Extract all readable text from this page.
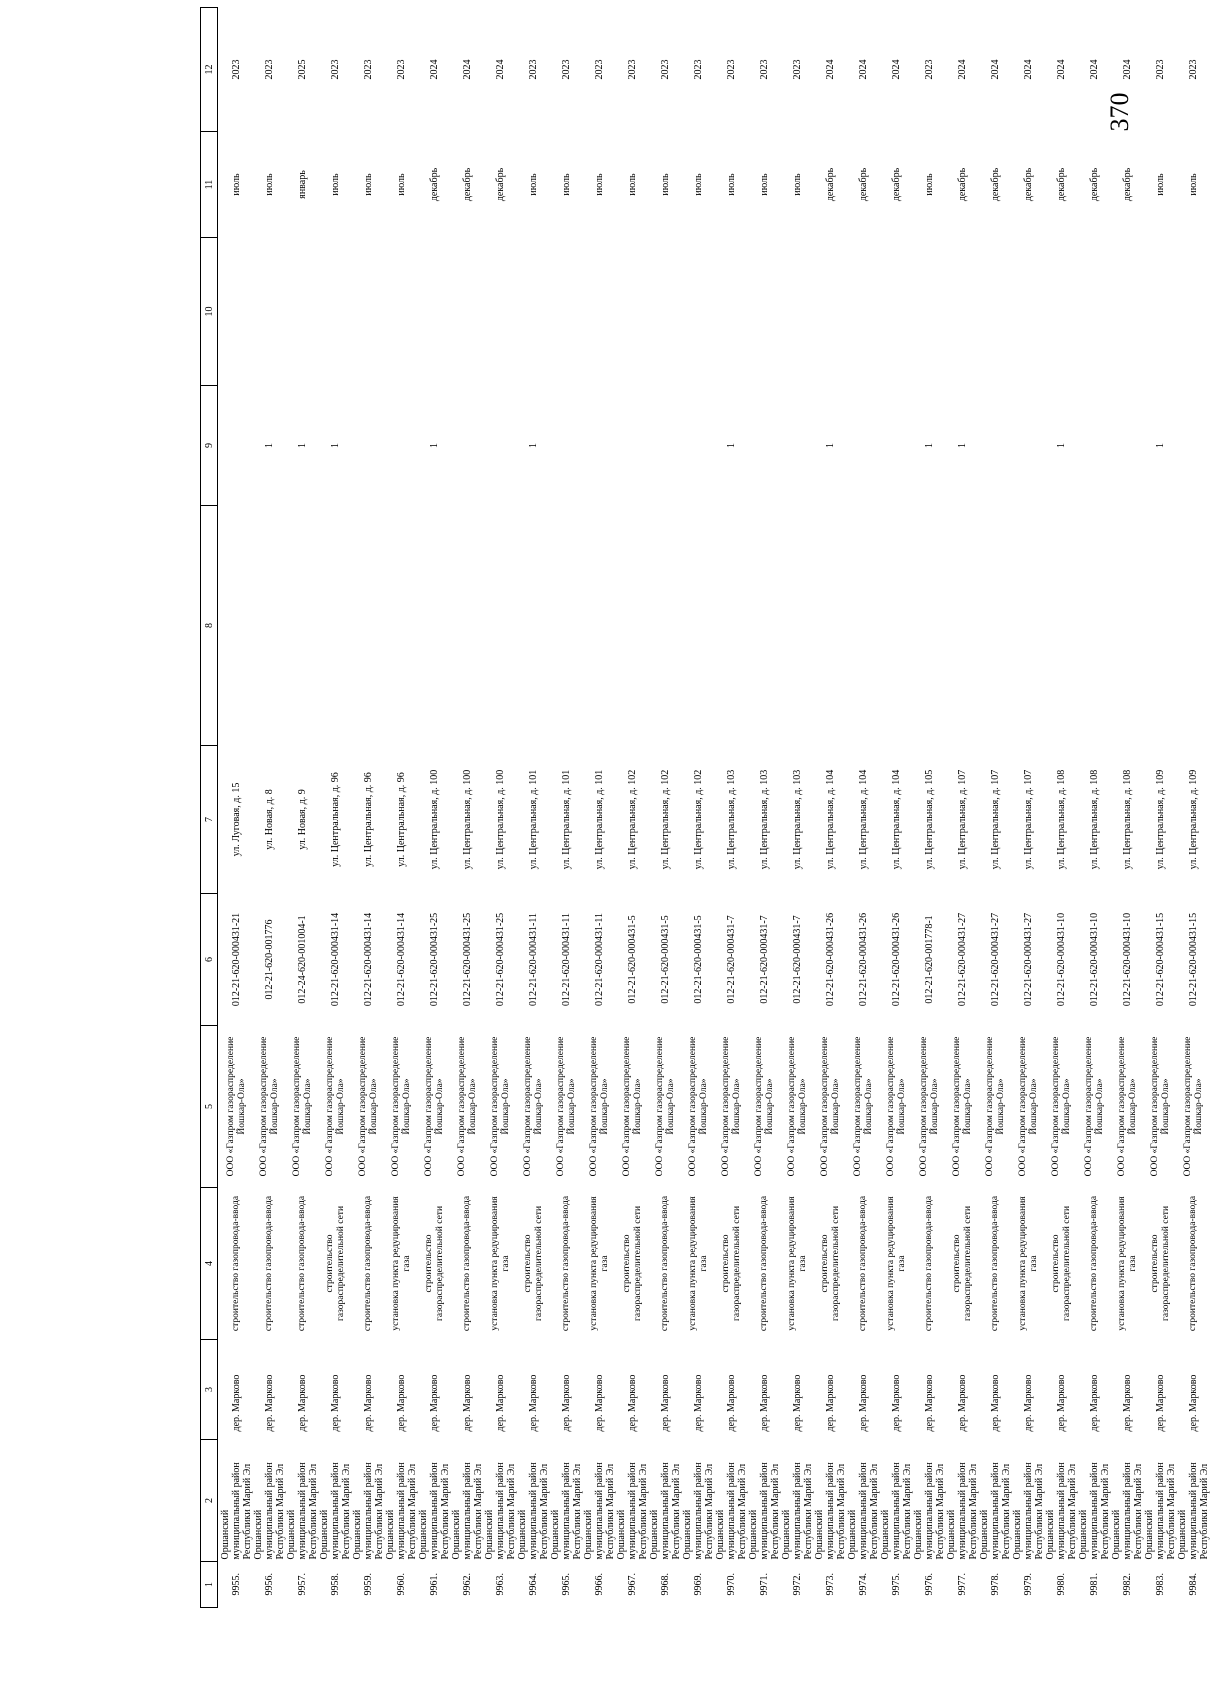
370
1	2	3	4	5	6	7	8	9	10	11	12
9955.	Оршанский муниципальный район Республики Марий Эл	дер. Марково	строительство газопровода-ввода	ООО «Газпром газораспределение Йошкар-Ола»	012-21-620-000431-21	ул. Луговая, д. 15				июль	2023
9956.	Оршанский муниципальный район Республики Марий Эл	дер. Марково	строительство газопровода-ввода	ООО «Газпром газораспределение Йошкар-Ола»	012-21-620-001776	ул. Новая, д. 8		1		июль	2023
9957.	Оршанский муниципальный район Республики Марий Эл	дер. Марково	строительство газопровода-ввода	ООО «Газпром газораспределение Йошкар-Ола»	012-24-620-001004-1	ул. Новая, д. 9		1		январь	2025
9958.	Оршанский муниципальный район Республики Марий Эл	дер. Марково	строительство газораспределительной сети	ООО «Газпром газораспределение Йошкар-Ола»	012-21-620-000431-14	ул. Центральная, д. 96		1		июль	2023
9959.	Оршанский муниципальный район Республики Марий Эл	дер. Марково	строительство газопровода-ввода	ООО «Газпром газораспределение Йошкар-Ола»	012-21-620-000431-14	ул. Центральная, д. 96				июль	2023
9960.	Оршанский муниципальный район Республики Марий Эл	дер. Марково	установка пункта редуцирования газа	ООО «Газпром газораспределение Йошкар-Ола»	012-21-620-000431-14	ул. Центральная, д. 96				июль	2023
9961.	Оршанский муниципальный район Республики Марий Эл	дер. Марково	строительство газораспределительной сети	ООО «Газпром газораспределение Йошкар-Ола»	012-21-620-000431-25	ул. Центральная, д. 100		1		декабрь	2024
9962.	Оршанский муниципальный район Республики Марий Эл	дер. Марково	строительство газопровода-ввода	ООО «Газпром газораспределение Йошкар-Ола»	012-21-620-000431-25	ул. Центральная, д. 100				декабрь	2024
9963.	Оршанский муниципальный район Республики Марий Эл	дер. Марково	установка пункта редуцирования газа	ООО «Газпром газораспределение Йошкар-Ола»	012-21-620-000431-25	ул. Центральная, д. 100				декабрь	2024
9964.	Оршанский муниципальный район Республики Марий Эл	дер. Марково	строительство газораспределительной сети	ООО «Газпром газораспределение Йошкар-Ола»	012-21-620-000431-11	ул. Центральная, д. 101		1		июль	2023
9965.	Оршанский муниципальный район Республики Марий Эл	дер. Марково	строительство газопровода-ввода	ООО «Газпром газораспределение Йошкар-Ола»	012-21-620-000431-11	ул. Центральная, д. 101				июль	2023
9966.	Оршанский муниципальный район Республики Марий Эл	дер. Марково	установка пункта редуцирования газа	ООО «Газпром газораспределение Йошкар-Ола»	012-21-620-000431-11	ул. Центральная, д. 101				июль	2023
9967.	Оршанский муниципальный район Республики Марий Эл	дер. Марково	строительство газораспределительной сети	ООО «Газпром газораспределение Йошкар-Ола»	012-21-620-000431-5	ул. Центральная, д. 102				июль	2023
9968.	Оршанский муниципальный район Республики Марий Эл	дер. Марково	строительство газопровода-ввода	ООО «Газпром газораспределение Йошкар-Ола»	012-21-620-000431-5	ул. Центральная, д. 102				июль	2023
9969.	Оршанский муниципальный район Республики Марий Эл	дер. Марково	установка пункта редуцирования газа	ООО «Газпром газораспределение Йошкар-Ола»	012-21-620-000431-5	ул. Центральная, д. 102				июль	2023
9970.	Оршанский муниципальный район Республики Марий Эл	дер. Марково	строительство газораспределительной сети	ООО «Газпром газораспределение Йошкар-Ола»	012-21-620-000431-7	ул. Центральная, д. 103		1		июль	2023
9971.	Оршанский муниципальный район Республики Марий Эл	дер. Марково	строительство газопровода-ввода	ООО «Газпром газораспределение Йошкар-Ола»	012-21-620-000431-7	ул. Центральная, д. 103				июль	2023
9972.	Оршанский муниципальный район Республики Марий Эл	дер. Марково	установка пункта редуцирования газа	ООО «Газпром газораспределение Йошкар-Ола»	012-21-620-000431-7	ул. Центральная, д. 103				июль	2023
9973.	Оршанский муниципальный район Республики Марий Эл	дер. Марково	строительство газораспределительной сети	ООО «Газпром газораспределение Йошкар-Ола»	012-21-620-000431-26	ул. Центральная, д. 104		1		декабрь	2024
9974.	Оршанский муниципальный район Республики Марий Эл	дер. Марково	строительство газопровода-ввода	ООО «Газпром газораспределение Йошкар-Ола»	012-21-620-000431-26	ул. Центральная, д. 104				декабрь	2024
9975.	Оршанский муниципальный район Республики Марий Эл	дер. Марково	установка пункта редуцирования газа	ООО «Газпром газораспределение Йошкар-Ола»	012-21-620-000431-26	ул. Центральная, д. 104				декабрь	2024
9976.	Оршанский муниципальный район Республики Марий Эл	дер. Марково	строительство газопровода-ввода	ООО «Газпром газораспределение Йошкар-Ола»	012-21-620-001778-1	ул. Центральная, д. 105		1		июль	2023
9977.	Оршанский муниципальный район Республики Марий Эл	дер. Марково	строительство газораспределительной сети	ООО «Газпром газораспределение Йошкар-Ола»	012-21-620-000431-27	ул. Центральная, д. 107		1		декабрь	2024
9978.	Оршанский муниципальный район Республики Марий Эл	дер. Марково	строительство газопровода-ввода	ООО «Газпром газораспределение Йошкар-Ола»	012-21-620-000431-27	ул. Центральная, д. 107				декабрь	2024
9979.	Оршанский муниципальный район Республики Марий Эл	дер. Марково	установка пункта редуцирования газа	ООО «Газпром газораспределение Йошкар-Ола»	012-21-620-000431-27	ул. Центральная, д. 107				декабрь	2024
9980.	Оршанский муниципальный район Республики Марий Эл	дер. Марково	строительство газораспределительной сети	ООО «Газпром газораспределение Йошкар-Ола»	012-21-620-000431-10	ул. Центральная, д. 108		1		декабрь	2024
9981.	Оршанский муниципальный район Республики Марий Эл	дер. Марково	строительство газопровода-ввода	ООО «Газпром газораспределение Йошкар-Ола»	012-21-620-000431-10	ул. Центральная, д. 108				декабрь	2024
9982.	Оршанский муниципальный район Республики Марий Эл	дер. Марково	установка пункта редуцирования газа	ООО «Газпром газораспределение Йошкар-Ола»	012-21-620-000431-10	ул. Центральная, д. 108				декабрь	2024
9983.	Оршанский муниципальный район Республики Марий Эл	дер. Марково	строительство газораспределительной сети	ООО «Газпром газораспределение Йошкар-Ола»	012-21-620-000431-15	ул. Центральная, д. 109		1		июль	2023
9984.	Оршанский муниципальный район Республики Марий Эл	дер. Марково	строительство газопровода-ввода	ООО «Газпром газораспределение Йошкар-Ола»	012-21-620-000431-15	ул. Центральная, д. 109				июль	2023
